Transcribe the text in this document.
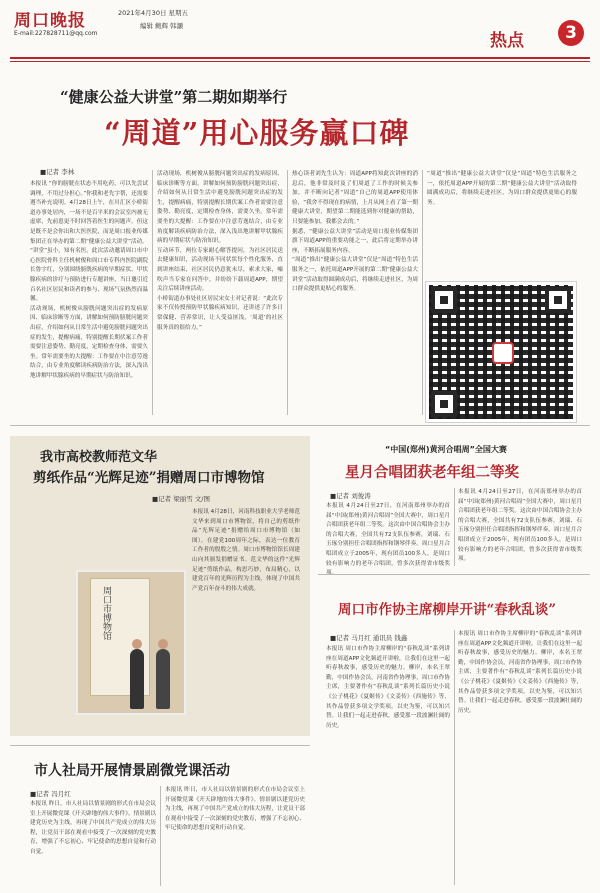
周口晚报
E-mail:227828711@qq.com
2021年4月30日 星期五
编辑 鲍辉 韩灏
热点	3
“健康公益大讲堂”第二期如期举行
“周道”用心服务赢口碑
■ 记者 李林

本报讯 “你的膀胱在状态不用吃药，可以先尝试调理，不用过分担心。”你我和老先字帮，还需要遵当补充说明。4月28日上午，在川汇区小桥街道办事处居内，一场不是百平米的会议室内被无虚席，先前患更不时回答着医生的问题声。但这是既不是会你出和大医医院，而是周口报业传媒集团正在举办的第二期“健康公益大讲堂”活动。

“讲堂”虽小，知有名医。此次活动邀请周口市中心医院骨科主任机树俊和周口市专科内医院副院长鲁宇红，分别围绕膀胱疾病的早期症状、甲状腺疾病的诊疗与预防进行专题讲座，当日邀引近百名社区居民和读者的参与，现场气氛热烈而温馨。

活动现场，机树俊从膀胱问题突出症的发病原因、临床诊断等方面，讲解如何预防膀胱问题突出症，介绍如何从日常生活中避免膀胱问题突出症的发生，提醒病痛，特别提醒长期伏案工作者需要注意姿势、勤亮度，定期检查身体，需要久坐。常年需要坐的大提醒：工作要在中注意劳逸结合，由专业角度解读疾病防治方法，深入浅出地讲解甲状腺疾病的早期症状与防治知识。

活动现场，机树俊从膀胱问题突出症的发病原因、临床诊断等方面，讲解如何预防膀胱问题突出症，介绍如何从日常生活中避免膀胱问题突出症的发生，提醒病痛，特别提醒长期伏案工作者需要注意姿势、勤亮度，定期检查身体，需要久坐。常年需要坐的大提醒：工作要在中注意劳逸结合，由专业角度解读疾病防治方法，深入浅出地讲解甲状腺疾病的早期症状与防治知识。

互动环节，两位专家耐心解答提问，为社区居民送去健康知识，活动现场不同状状每个性化服务，直到讲座结束，社区居民仍意犹未尽，索求大家，嘘吹声当专家在问答中，并纷纷下载周道APP，期望关注后续讲座活动。

小桥街道办事处社区居民宋女士对记者说：“此次专家不仅传授预防甲状腺疾病知识，还讲述了许多日常保健、营养常识，让人受益匪浅，‘周道’的社区服务真的很给力。”

热心读者刘先生认为：周道APP将知此次讲座的消息后，他非常及时及了们周道了工作的时候关参加，并不断向记者“周道”自己的周道APP使用体验，“我舍不得现在的病情，上月从网上看了第一期健康大讲堂，期望第二期能选到你对健康的帮助，只要能参加，我都会去的。”

据悉，“健康公益大讲堂”活动是周口报业传媒集团旗下周道APP的重要功能之一，此后将定期举办讲座，不断拓展服务内容。

“周道”推出“健康公益大讲堂”仅是“周道”特色生活服务之一，依托周道APP开展的第二期“健康公益大讲堂”活动取得圆满成功后，将继续走进社区，为周口群众提供更贴心的服务。

“周道”推出“健康公益大讲堂”仅是“周道”特色生活服务之一，依托周道APP开展的第二期“健康公益大讲堂”活动取得圆满成功后，将继续走进社区，为周口群众提供更贴心的服务。

我市高校教师范文华
剪纸作品“光辉足迹”捐赠周口市博物馆
■ 记者 梁丽雪 文/图
本报讯 4月28日，河南科技职业大学老师范文华来到周口市博物馆，将自己的剪纸作品“光辉足迹”捐赠给周口市博物馆（如图），在建党100周年之际，表达一位教育工作者的殷殷之情。周口市博物馆馆长周建山向其颁发捐赠证书。范文华的这件“光辉足迹”剪纸作品，构思巧妙，布局精心，以建党百年的光辉历程为主线，体现了中国共产党百年奋斗的伟大成就。
周口市博物馆
“中国(郑州)黄河合唱周”全国大赛
星月合唱团获老年组二等奖
■ 记者 刘俊涛
本报讯 4月24日至27日，在河南郑州举办的首届“中国(郑州)黄河合唱周”全国大赛中，周口星月合唱团获老年组二等奖。这次由中国合唱协会主办的合唱大赛，全国共有72支队伍参赛，刘瑞、石玉琢分别担任合唱团指挥和钢琴伴奏。周口星月合唱团成立于2005年，现有团员100多人，是周口较有影响力的老年合唱团，曾多次获得省市级奖项。
本报讯 4月24日至27日，在河南郑州举办的首届“中国(郑州)黄河合唱周”全国大赛中，周口星月合唱团获老年组二等奖。这次由中国合唱协会主办的合唱大赛，全国共有72支队伍参赛，刘瑞、石玉琢分别担任合唱团指挥和钢琴伴奏。周口星月合唱团成立于2005年，现有团员100多人，是周口较有影响力的老年合唱团，曾多次获得省市级奖项。
周口市作协主席柳岸开讲“春秋乱谈”
■ 记者 马月红 通讯员 钱鑫
本报讯 周口市作协主席柳岸的“春秋乱谈”系列讲座在周道APP文化频道开讲啦，让我们在这里一起听春秋故事，感受历史的魅力。柳岸，本名王翠勤，中国作协会员，河南省作协理事，周口市作协主席，主要著作有“春秋乱谈”系列长篇历史小说《公子桃花》《夏姬传》《文姜传》《西施传》等，其作品曾获多项文学奖项。以史为鉴，可以知兴替。让我们一起走进春秋，感受那一段波澜壮阔的历史。
本报讯 周口市作协主席柳岸的“春秋乱谈”系列讲座在周道APP文化频道开讲啦，让我们在这里一起听春秋故事，感受历史的魅力。柳岸，本名王翠勤，中国作协会员，河南省作协理事，周口市作协主席，主要著作有“春秋乱谈”系列长篇历史小说《公子桃花》《夏姬传》《文姜传》《西施传》等，其作品曾获多项文学奖项。以史为鉴，可以知兴替。让我们一起走进春秋，感受那一段波澜壮阔的历史。
市人社局开展情景剧微党课活动
■ 记者 冯月红
本报讯 昨日，市人社局以情景剧的形式在市局会议室上开展微党课《开天辟地的伟大事件》。情景剧以建党历史为主线，再现了中国共产党成立的伟大历程，让党员干部在观看中接受了一次深刻的党史教育，增强了不忘初心、牢记使命的思想自觉和行动自觉。
本报讯 昨日，市人社局以情景剧的形式在市局会议室上开展微党课《开天辟地的伟大事件》。情景剧以建党历史为主线，再现了中国共产党成立的伟大历程，让党员干部在观看中接受了一次深刻的党史教育，增强了不忘初心、牢记使命的思想自觉和行动自觉。
